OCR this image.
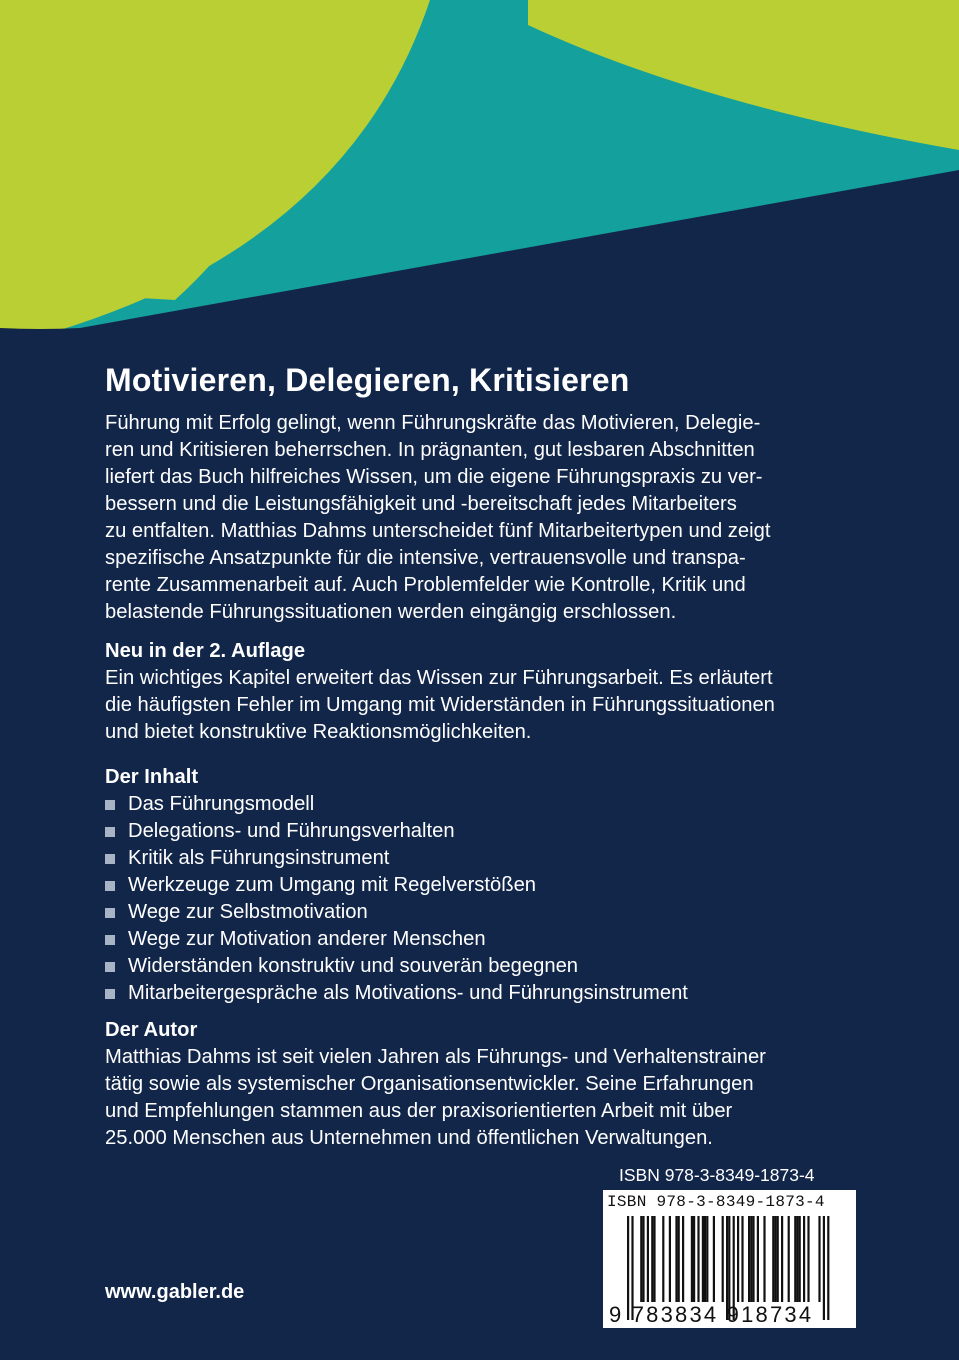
Motivieren, Delegieren, Kritisieren

Führung mit Erfolg gelingt, wenn Führungskräfte das Motivieren, Delegie-
ren und Kritisieren beherrschen. In prägnanten, gut lesbaren Abschnitten
liefert das Buch hilfreiches Wissen, um die eigene Führungspraxis zu ver-
bessern und die Leistungsfähigkeit und -bereitschaft jedes Mitarbeiters
zu entfalten. Matthias Dahms unterscheidet fünf Mitarbeitertypen und zeigt
spezifische Ansatzpunkte für die intensive, vertrauensvolle und transpa-
rente Zusammenarbeit auf. Auch Problemfelder wie Kontrolle, Kritik und
belastende Führungssituationen werden eingängig erschlossen.

Neu in der 2. Auflage

Ein wichtiges Kapitel erweitert das Wissen zur Führungsarbeit. Es erläutert
die häufigsten Fehler im Umgang mit Widerständen in Führungssituationen
und bietet konstruktive Reaktionsmöglichkeiten.

Der Inhalt
Das Führungsmodell
Delegations- und Führungsverhalten
Kritik als Führungsinstrument
Werkzeuge zum Umgang mit Regelverstößen
Wege zur Selbstmotivation
Wege zur Motivation anderer Menschen
Widerständen konstruktiv und souverän begegnen
Mitarbeitergespräche als Motivations- und Führungsinstrument
Der Autor

Matthias Dahms ist seit vielen Jahren als Führungs- und Verhaltenstrainer
tätig sowie als systemischer Organisationsentwickler. Seine Erfahrungen
und Empfehlungen stammen aus der praxisorientierten Arbeit mit über
25.000 Menschen aus Unternehmen und öffentlichen Verwaltungen.

ISBN 978-3-8349-1873-4
ISBN 978-3-8349-1873-4
9 783834 918734
www.gabler.de
